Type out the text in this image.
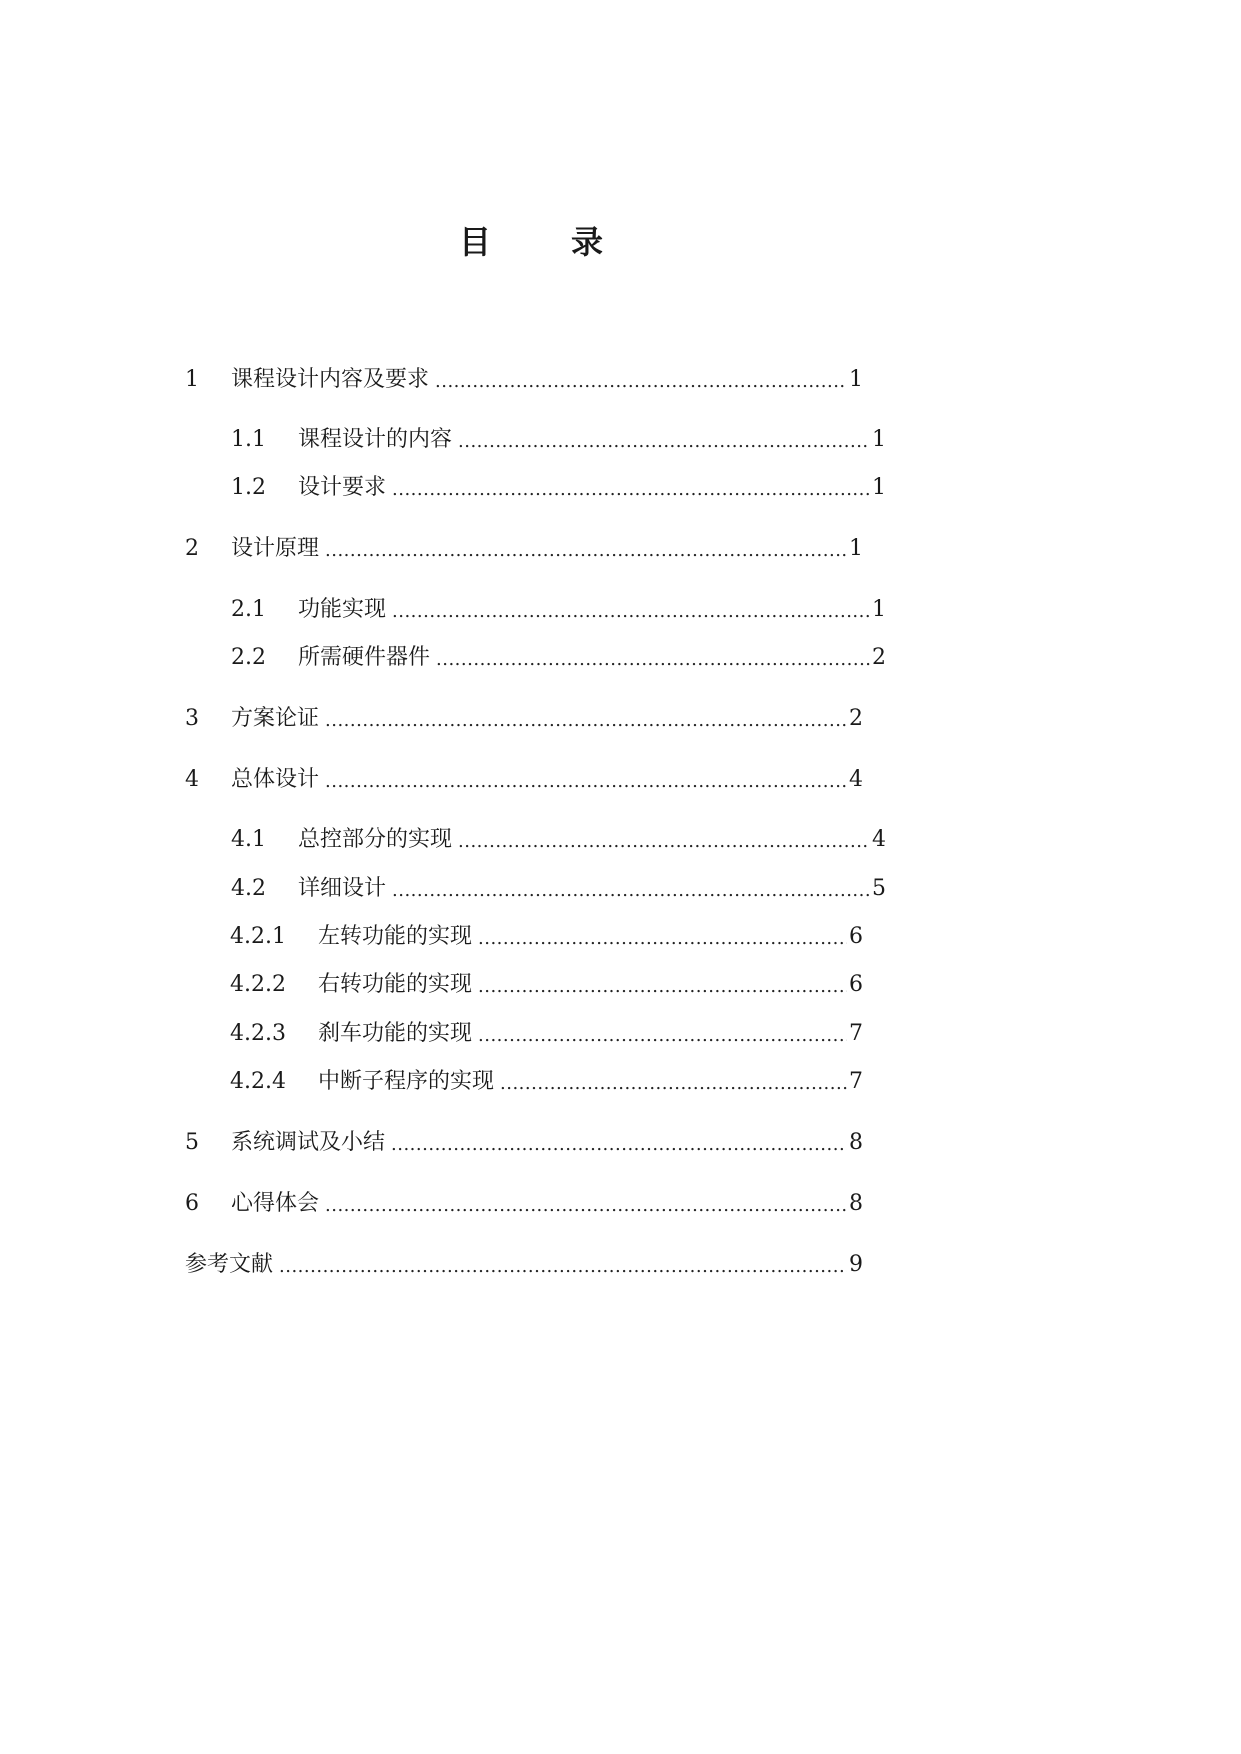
目　录
1	课程设计内容及要求 .....	1
1.1	课程设计的内容 .....	1
1.2	设计要求 .....	1
2	设计原理 .....	1
2.1	功能实现 .....	1
2.2	所需硬件器件 .....	2
3	方案论证 .....	2
4	总体设计 .....	4
4.1	总控部分的实现 .....	4
4.2	详细设计 .....	5
4.2.1	左转功能的实现 .....	6
4.2.2	右转功能的实现 .....	6
4.2.3	刹车功能的实现 .....	7
4.2.4	中断子程序的实现 .....	7
5	系统调试及小结 .....	8
6	心得体会 .....	8
参考文献 .....	9
